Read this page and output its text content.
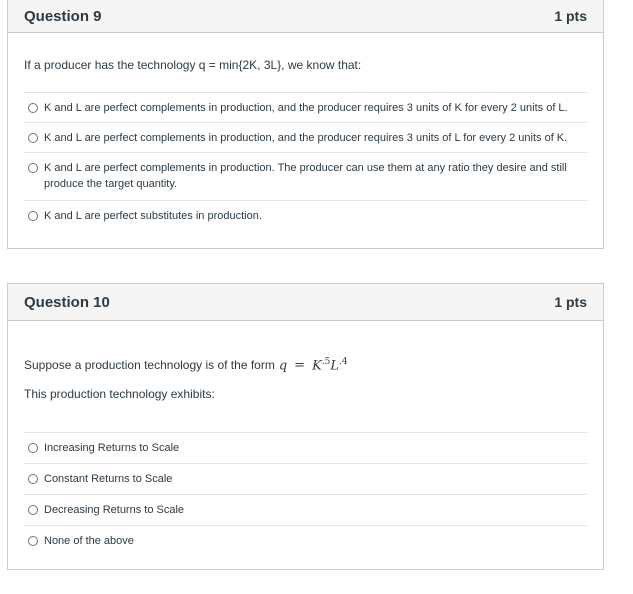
Question 9	1 pts
If a producer has the technology q = min{2K, 3L}, we know that:
K and L are perfect complements in production, and the producer requires 3 units of K for every 2 units of L.
K and L are perfect complements in production, and the producer requires 3 units of L for every 2 units of K.
K and L are perfect complements in production. The producer can use them at any ratio they desire and still produce the target quantity.
K and L are perfect substitutes in production.
Question 10	1 pts
Suppose a production technology is of the form $q = K^{.5}L^{.4}$
This production technology exhibits:
Increasing Returns to Scale
Constant Returns to Scale
Decreasing Returns to Scale
None of the above
